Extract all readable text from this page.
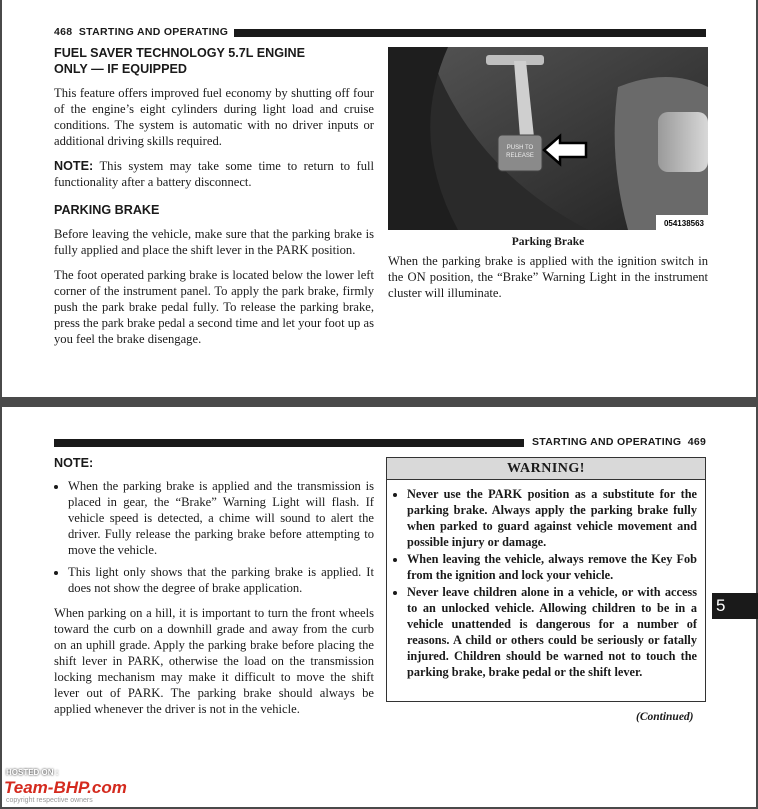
468 STARTING AND OPERATING
FUEL SAVER TECHNOLOGY 5.7L ENGINE
ONLY — IF EQUIPPED

This feature offers improved fuel economy by shutting off four of the engine’s eight cylinders during light load and cruise conditions. The system is automatic with no driver inputs or additional driving skills required.

NOTE: This system may take some time to return to full functionality after a battery disconnect.

PARKING BRAKE

Before leaving the vehicle, make sure that the parking brake is fully applied and place the shift lever in the PARK position.

The foot operated parking brake is located below the lower left corner of the instrument panel. To apply the park brake, firmly push the park brake pedal fully. To release the parking brake, press the park brake pedal a second time and let your foot up as you feel the brake disengage.

PUSH TO
RELEASE
054138563
Parking Brake

When the parking brake is applied with the ignition switch in the ON position, the “Brake” Warning Light in the instrument cluster will illuminate.

STARTING AND OPERATING 469

NOTE:

• When the parking brake is applied and the transmission is placed in gear, the “Brake” Warning Light will flash. If vehicle speed is detected, a chime will sound to alert the driver. Fully release the parking brake before attempting to move the vehicle.
• This light only shows that the parking brake is applied. It does not show the degree of brake application.

When parking on a hill, it is important to turn the front wheels toward the curb on a downhill grade and away from the curb on an uphill grade. Apply the parking brake before placing the shift lever in PARK, otherwise the load on the transmission locking mechanism may make it difficult to move the shift lever out of PARK. The parking brake should always be applied whenever the driver is not in the vehicle.

WARNING!
• Never use the PARK position as a substitute for the parking brake. Always apply the parking brake fully when parked to guard against vehicle movement and possible injury or damage.
• When leaving the vehicle, always remove the Key Fob from the ignition and lock your vehicle.
• Never leave children alone in a vehicle, or with access to an unlocked vehicle. Allowing children to be in a vehicle unattended is dangerous for a number of reasons. A child or others could be seriously or fatally injured. Children should be warned not to touch the parking brake, brake pedal or the shift lever.
5
(Continued)
HOSTED ON :
Team-BHP.com
copyright respective owners
